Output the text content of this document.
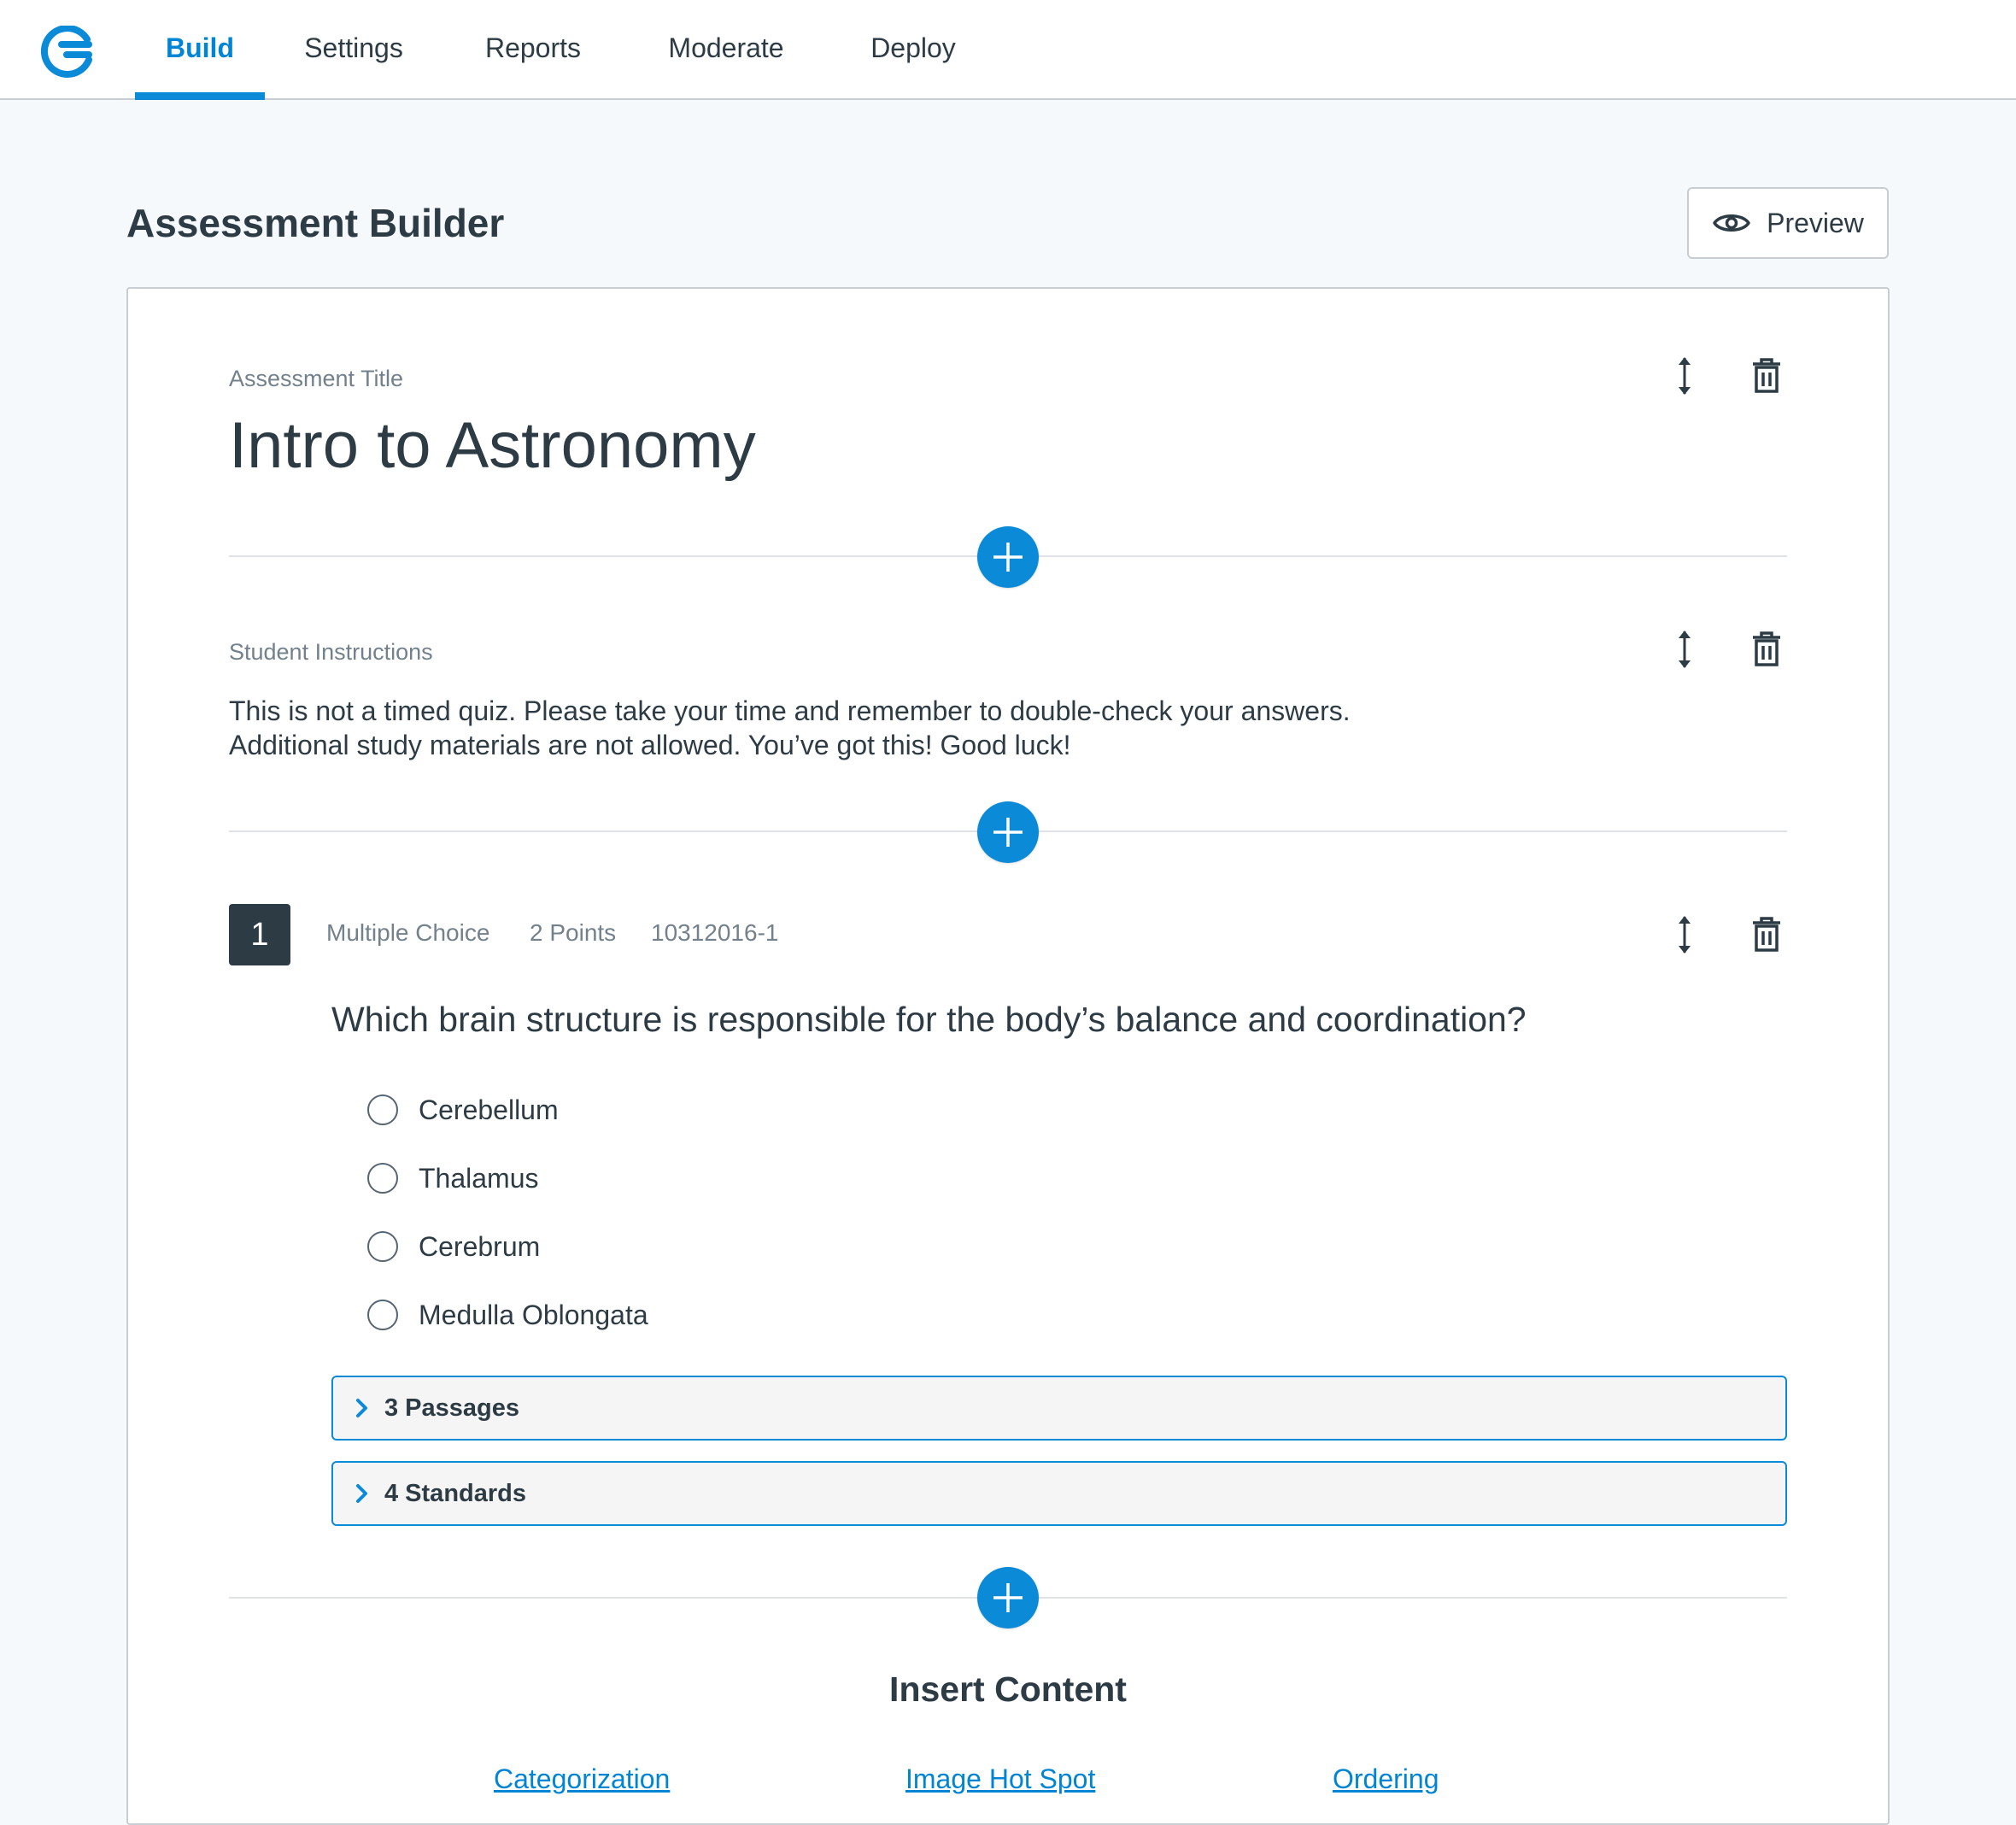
Build	Settings	Reports	Moderate	Deploy
Assessment Builder	Preview
Assessment Title
Intro to Astronomy
Student Instructions
This is not a timed quiz. Please take your time and remember to double-check your answers.
Additional study materials are not allowed. You’ve got this! Good luck!
1	Multiple Choice 2 Points 10312016-1
Which brain structure is responsible for the body’s balance and coordination?
Cerebellum
Thalamus
Cerebrum
Medulla Oblongata
3 Passages
4 Standards
Insert Content
Categorization	Image Hot Spot	Ordering
